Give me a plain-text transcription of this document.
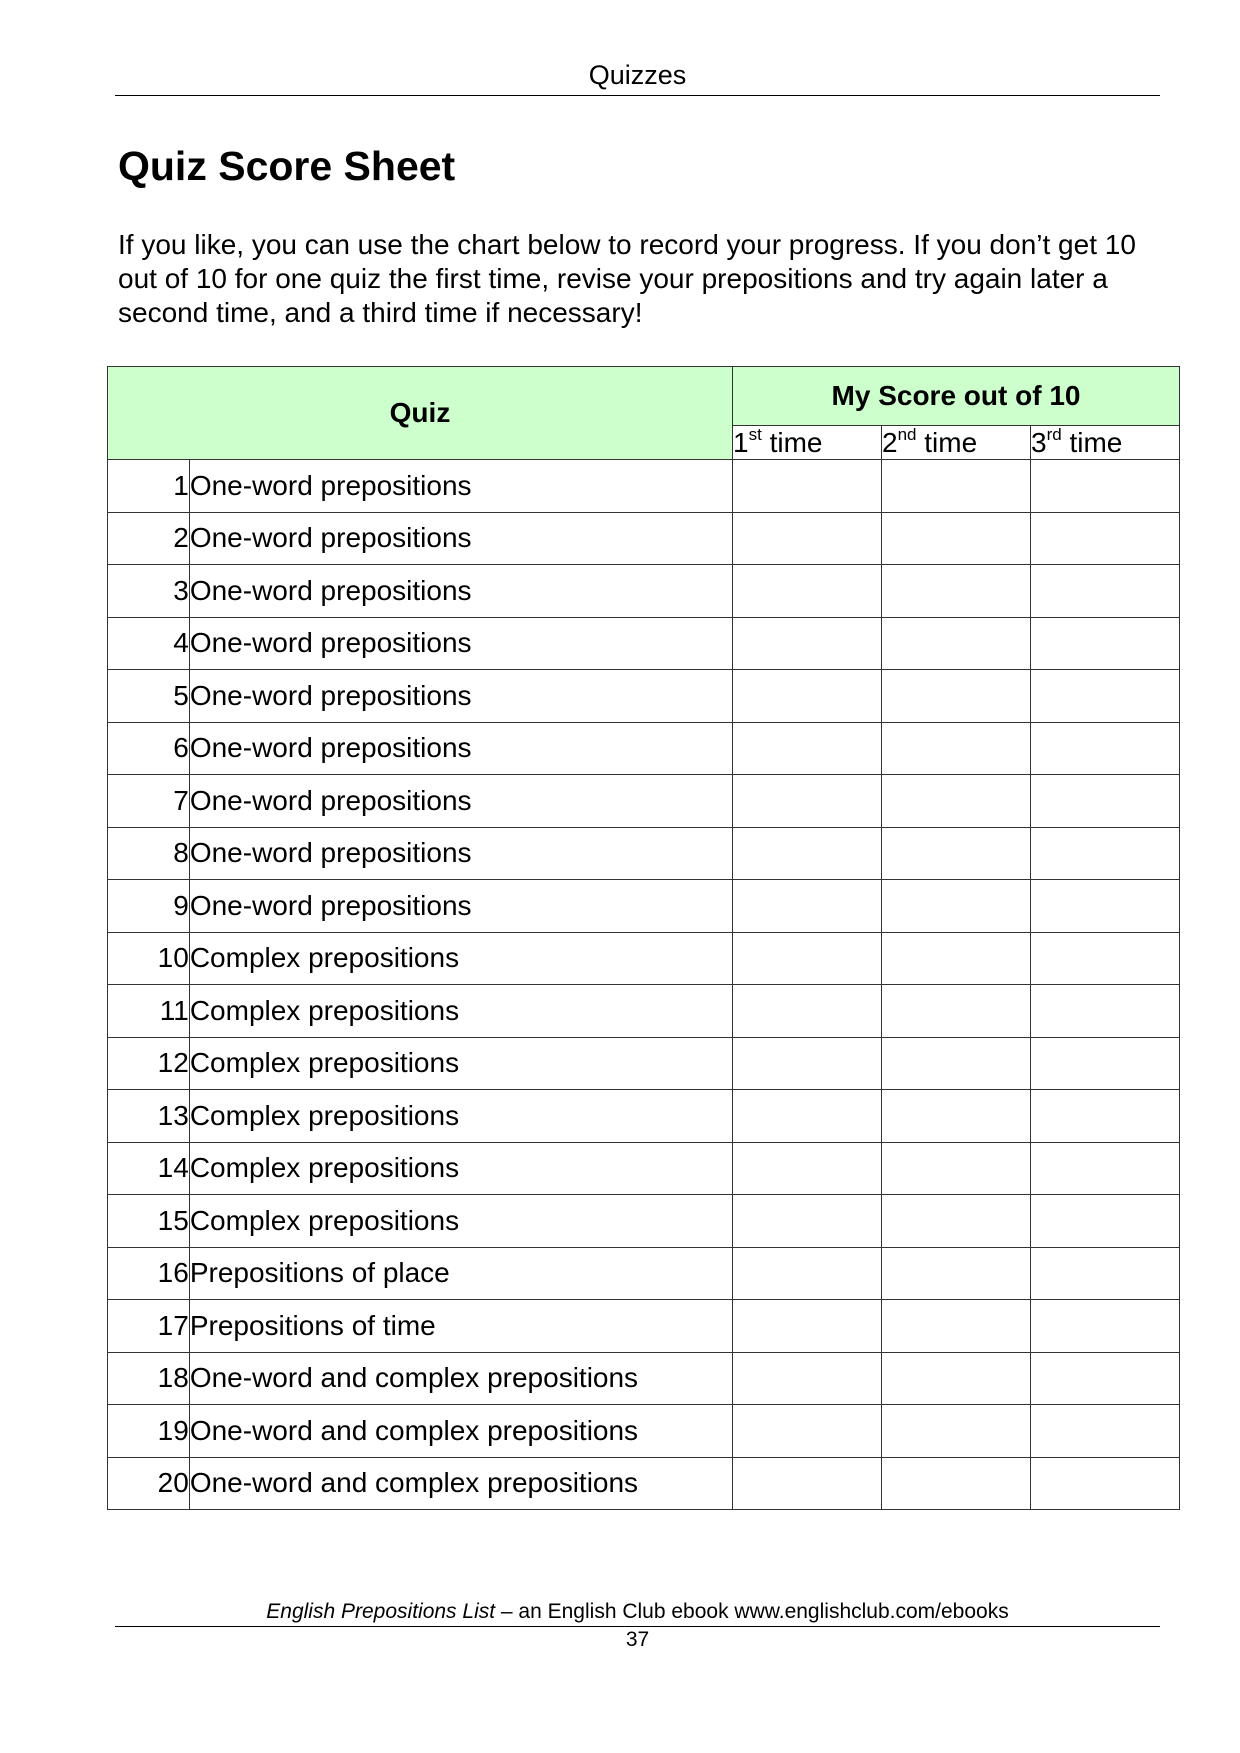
Quizzes
Quiz Score Sheet

If you like, you can use the chart below to record your progress. If you don’t get 10 out of 10 for one quiz the first time, revise your prepositions and try again later a second time, and a third time if necessary!

Quiz		My Score out of 10		
		1st time	2nd time	3rd time
1	One-word prepositions			
2	One-word prepositions			
3	One-word prepositions			
4	One-word prepositions			
5	One-word prepositions			
6	One-word prepositions			
7	One-word prepositions			
8	One-word prepositions			
9	One-word prepositions			
10	Complex prepositions			
11	Complex prepositions			
12	Complex prepositions			
13	Complex prepositions			
14	Complex prepositions			
15	Complex prepositions			
16	Prepositions of place			
17	Prepositions of time			
18	One-word and complex prepositions			
19	One-word and complex prepositions			
20	One-word and complex prepositions			
English Prepositions List – an English Club ebook www.englishclub.com/ebooks
37
